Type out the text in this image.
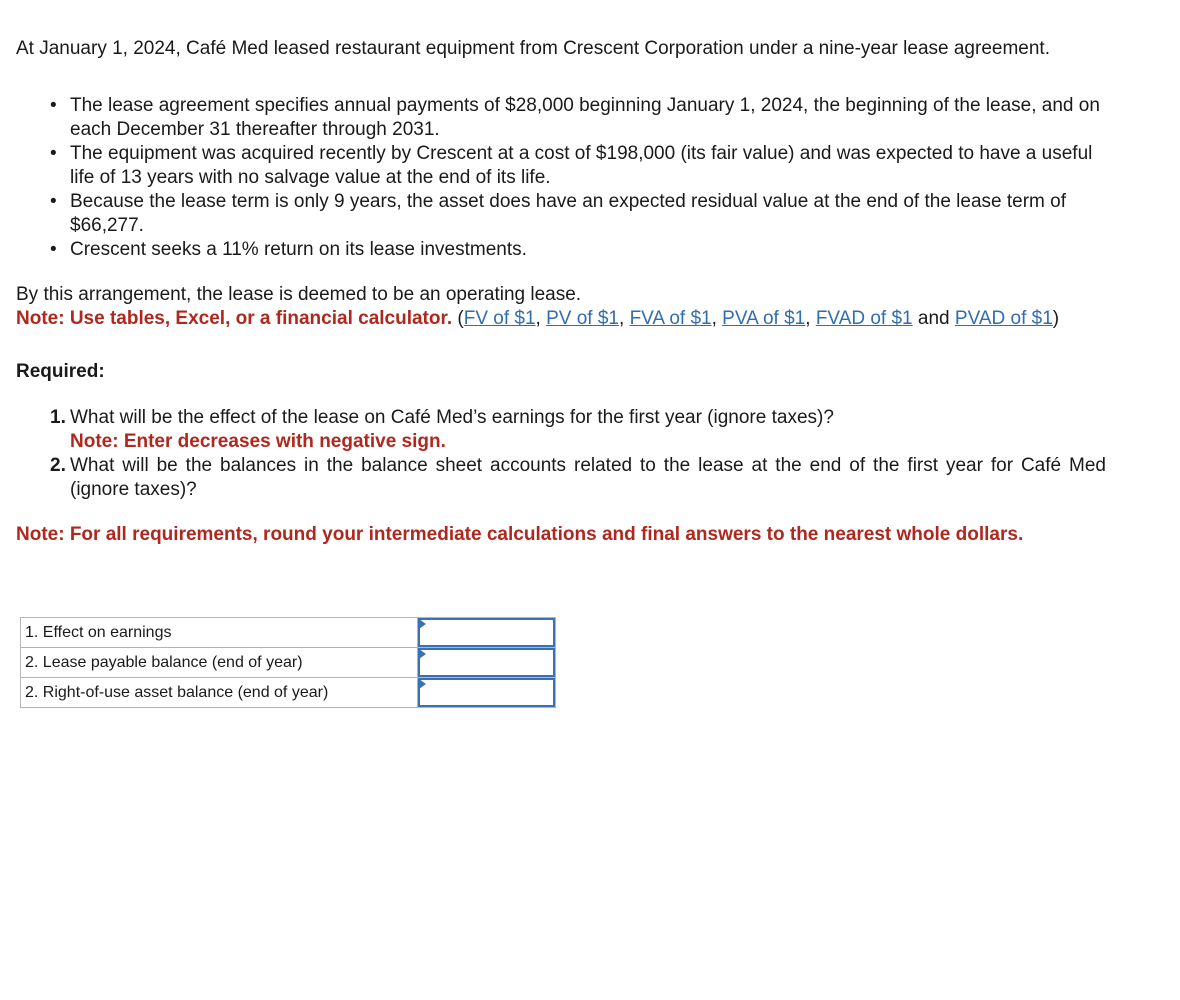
At January 1, 2024, Café Med leased restaurant equipment from Crescent Corporation under a nine-year lease agreement.

• The lease agreement specifies annual payments of $28,000 beginning January 1, 2024, the beginning of the lease, and on each December 31 thereafter through 2031.
• The equipment was acquired recently by Crescent at a cost of $198,000 (its fair value) and was expected to have a useful life of 13 years with no salvage value at the end of its life.
• Because the lease term is only 9 years, the asset does have an expected residual value at the end of the lease term of $66,277.
• Crescent seeks a 11% return on its lease investments.

By this arrangement, the lease is deemed to be an operating lease.

Note: Use tables, Excel, or a financial calculator. (FV of $1, PV of $1, FVA of $1, PVA of $1, FVAD of $1 and PVAD of $1)

Required:

1. What will be the effect of the lease on Café Med’s earnings for the first year (ignore taxes)?
Note: Enter decreases with negative sign.
2. What will be the balances in the balance sheet accounts related to the lease at the end of the first year for Café Med (ignore taxes)?

Note: For all requirements, round your intermediate calculations and final answers to the nearest whole dollars.

1. Effect on earnings	

2. Lease payable balance (end of year)	

2. Right-of-use asset balance (end of year)	
